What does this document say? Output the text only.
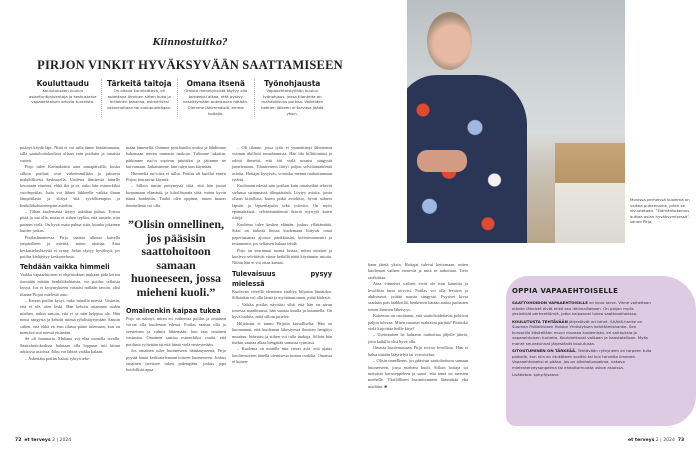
Kiinnostuitko?
PIRJON VINKIT HYVÄKSYVÄÄN SAATTAMISEEN
Kouluttaudu

Koulutukseen kuuluu asiantuntijaluentoja ja keskustelua vapaaehtoisen omista tunteista.

Tärkeitä taitoja

On oltava kunnioittava, oli autettava ihminen sitten kuka ja millainen tahansa, esimerkiksi uskonnoltaan tai sukupuoleltaan.

Omana itsenä

Omista menetyksistä täytyy olla tarpeeksi aikaa, että pystyy keskittymään autettavan hätään. Olemme lähimmäisiä, emme hoitajia.

Työnohjausta

Vapaaehtoistyöhön kuuluu työnohjaus, jossa tilanteita on mahdollisuus purkaa. Vaikeiden hetkien jälkeen ei tarvitse jäädä yksin.

pitänyt käydä läpi. Niitä ei voi tulla tänne hoidattamaan, sillä saattohoitokodissa ollaan vain potilaita ja omaisia varten.

Pirjo tulee Karinakotiin aina samapäivällä, koska silloin potilaat ovat virkeimmillään ja jaksavat mahdollisesti keskustella. Uudesta ihmisestä hänelle kerrotaan etunimi, ehkä ikä ja se, onko hän esimerkiksi vuodepotilas. Jutta voi lähteä liikkeelle vaikka ilman lämpötilasta ja siirtyä sitä syvällisempiin ja henkilökohtaisempiin asioihin.

– Tähän kuolemasta täytyy uskaltaa puhua. Toivoa pitää ja saa olla, mutta ei siihen tyyliin, että taistele, niin paranet vielä. On hyvä osata puhua siitä, kuinka jokainen kuolee joskus.

Potilashuoneessa Pirjo saattaa alkuun katsella ympärilleen ja miettiä, miten aloittaa. Aina keskusteluyhteyttä ei synny. Sekin täytyy hyväksyä, jos potilas kieltäytyy keskustelusta.

Tehdään vaikka himmeli

Vaikka vapaaehtoisen ei ohjeistuksen mukaan pidä kertoa itsestään mitään henkilökohtaista, voi potilas sellaista kysyä. Jos ei kysymykseen vastaisi millään tavoin, olisi tilanne Pirjon mielestä outo.

– Kerran potilas kysyi, onko minulla miestä. Vastasin, että ei ole, olen leski. Hän kehotti ottamaan uuden miehen, mihin sanoin, että ei se niin helppoa ole. Hän nousi sängystä ja kehotti minua ryhdistäytymään. Sanoin siihen, että ehkä en ensi tilassa pääse tulemaan, kun on mentävä sitä miestä etsimään.

Se oli huumoria. Mukana voi elää monella tavalla. Saattohoitokodissa halutaan olla loppuun asti kiinni arkisissa asioissa. Joku voi lähteä vaikka kalaan.

– Äskettäin potilas halusi ryhtyä teke-

mään himmeliä. Otimme pyörätuolin avaksi ja lähdimme hakemaan meren rannasta ruokoja. Tulimme takaisin, pätkimme ruo'ot sopivan pituisiksi ja jätimme ne kuivumaan. Jatkaisimme, kun tulen taas käymään.

Himmeliä ruo'oista ei tullut. Potilas oli kuollut ennen Pirjon seuraavaa käyntiä.

– Silloin tunsin pettymystä siitä, että hän joutui luopumaan elämästä, ja kiitollisuutta siitä, miten hyvin häntä hoidettiin. Täältä olen oppinut, miten hauras ihmiselämä voi olla.

”Olisin onnellinen, jos pääsisin saattohoitoon samaan huoneeseen, jossa mieheni kuoli.”
Omainenkin kaipaa tukea

Pirjo on nähnyt, miten eri vaiheessa potilas ja omainen voivat olla kuoleman edessä. Potilas saattaa olla jo seesteinen ja valmis lähtemään, kun taas omainen vastustaa. Omainen saattaa esimerkiksi vaatia, että potilasta syötetään tai että häntä vielä nesteytetään.

Jos omainen tulee huoneeseen hätääntyneenä, Pirjo pyytää häntä keskustelemaan toiseen huoneeseen. Joskus omainen tarvitsee tukea pidempään, joskus jopa hoidollista apua.

– Oli tilanne, jossa tytär ei ymmärtänyt läheisensä voinnin äkillistä romahtamista. Hän itki hillittömästi ja odotti ihmettä, että äiti vielä nousisi sängystä jumelemaan. Tilanteeseen liittyi paljon selvittämättömiä asioita. Hoitajat kysyivät, voisinko mennä rauhoittamaan tytärtä.

Kuoleman edessä niin potilaat kuin omaisetkin tekevät sielunsa sisimmässä tilinpäätöstä. Löytyy asioita, joista ollaan kiitollisia, kuten pitkä avioliitto, hyvät suhteet lapsiin ja lapsenlapsiin sekä ystäviin. On myös epämääräisiä, selvittämättömiä ikäviä myrryjä kuten riitoja.

Kuolema tulee kesken elämän, joskus yllättämättä. Siksi on tärkeää hoitaa kuolemaan liittyvät omat paperiasiansa ajoissa: pankkiasiat, hoitotestamentti ja testamentti, jos sellaisen haluaa tehdä.

Pirjo on seurannut monta kertaa, miten omaiset ja kuoleva selvittävät viime hetkillä näitä käytännön asioita. Niihin hän ei voi ottaa kantaa.

Tulevaisuus pysyy mielessä

Kuolevan vierellä oleminen sisältyy hiljaisia läsnäoloa. Silloinkin voi olla läsnä ja myötätuntoinen, pitää kädestä.

– Vaikka potilas näyttäisi siltä, että hän on aivan toisessa maailmassa, hän saattaa kuulla ja kuunnella. On hyvä harkita, mitä silloin juttelee.

Hiljaisuus ei tunnu Pirjosta kiusalliselta. Hän on huomannut, että kuoleman lähestyessä ihmisen hengitys muuttuu, hidastuu ja siihen voi tulla taukoja. Silloin hän itsekin saattaa alkaa hengittää samassa rytmissä.

– Kuolema on monille niin vieras asia, että ajatus kuolinvuoteen äärellä olemisesta tuntuu oudolta. Omaisia ei kuiten-

Monissa perheissä kuolema on vaikea puheenaihe, joten se sivuutetaan. ”Elämänkokemus auttaa asian hyväksymisessä”, sanoo Pirjo.

kaan jätetä yksin. Hoitajat tulevat kertomaan, miten kuoleman vaiheet etenevät ja mitä se tarkoittaa. Tieto rauhoittaa.

Aina viimeiset vaiheet eivät ole niin kauniita ja levollisia kuin toivoisi. Potilas voi olla levoton ja ahdistunut, yrittää nousta sängystä. Fyysiset kivut saadaan pois lääkkeillä, henkiseen hätään auttaa parhaiten toisen ihmisen läheisyys.

Kokemus on osoittanut, että saattohoidettavat pohtivat paljon tulevaa. Miten omaiset mahtavat pärjätä? Pitäisikö vielä kirjoittaa heille kirje?

– Useimmiten he haluavat rauhoittaa jäljelle jääviä, jotta kaikilla olisi hyvä olla.

Omasta kuolemastaan Pirjo toivoo levollista. Hän ei halua mitään lääyrtelyä tai voivottelua.

– Olisin onnellinen, jos pääsisin saattohoitoon samaan huoneeseen, jossa mieheni kuoli. Silloin hoitaja toi metsästä havuseppeleen ja sanoi, että tämä on metsien miehelle. Yksilöllinen huomioiminen lämmittää yhä mieltäni. ■

OPPIA VAPAAEHTOISELLE

SAATTOHOIDON VAPAAEHTOISILLE on kova tarve. Viime vaiheitaan elävän läheiset eivät ehkä asu lähimaillakaan. On paljon myös yksinäisiä perheettömiä, jotka kaipaavat tukea saattovaiheessa.

KOULUTUSTA TEHTÄVÄÄN järjestävät eri tahot. SAAVA-hanke on Suomen Palliatiivisen Hoidon Yhdistyksen kehittämishanke. Sen kursseilla käsitellään muun muassa kuolemista, eri sairauksia ja vapaaehtoisen tunteita. Koulutettavat valitaan ja haastatellaan. Myös monet seurakunnat järjestävät koulutusta.

SITOUTUMINEN ON TÄRKEÄÄ. Tehtävään ryhtyneen on tarpeen tulla paikalle, kun niin on etukäteen sovittu tai kun tarvetta ilmenee. Vapaaehtoiseksi ei pääse, jos on alkoholiongelma, vakava mielenterveysongelma tai ehdottomuutta uskon asioissa.

Lisätietoa: sphy.fi/saava

72 et terveys 2 | 2024	et terveys 2 | 2024 73
